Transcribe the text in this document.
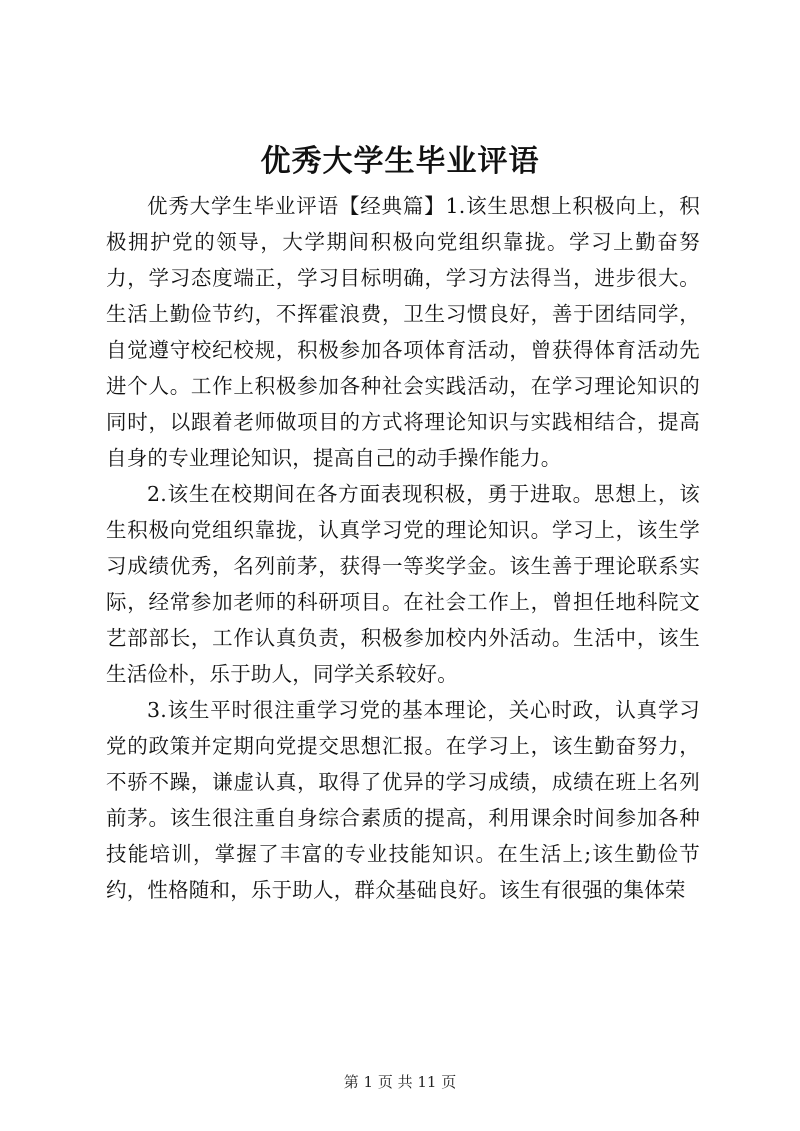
优秀大学生毕业评语

优秀大学生毕业评语【经典篇】1.该生思想上积极向上，积极拥护党的领导，大学期间积极向党组织靠拢。学习上勤奋努力，学习态度端正，学习目标明确，学习方法得当，进步很大。生活上勤俭节约，不挥霍浪费，卫生习惯良好，善于团结同学，自觉遵守校纪校规，积极参加各项体育活动，曾获得体育活动先进个人。工作上积极参加各种社会实践活动，在学习理论知识的同时，以跟着老师做项目的方式将理论知识与实践相结合，提高自身的专业理论知识，提高自己的动手操作能力。

2.该生在校期间在各方面表现积极，勇于进取。思想上，该生积极向党组织靠拢，认真学习党的理论知识。学习上，该生学习成绩优秀，名列前茅，获得一等奖学金。该生善于理论联系实际，经常参加老师的科研项目。在社会工作上，曾担任地科院文艺部部长，工作认真负责，积极参加校内外活动。生活中，该生生活俭朴，乐于助人，同学关系较好。

3.该生平时很注重学习党的基本理论，关心时政，认真学习党的政策并定期向党提交思想汇报。在学习上，该生勤奋努力，不骄不躁，谦虚认真，取得了优异的学习成绩，成绩在班上名列前茅。该生很注重自身综合素质的提高，利用课余时间参加各种技能培训，掌握了丰富的专业技能知识。在生活上;该生勤俭节约，性格随和，乐于助人，群众基础良好。该生有很强的集体荣

第 1 页 共 11 页
